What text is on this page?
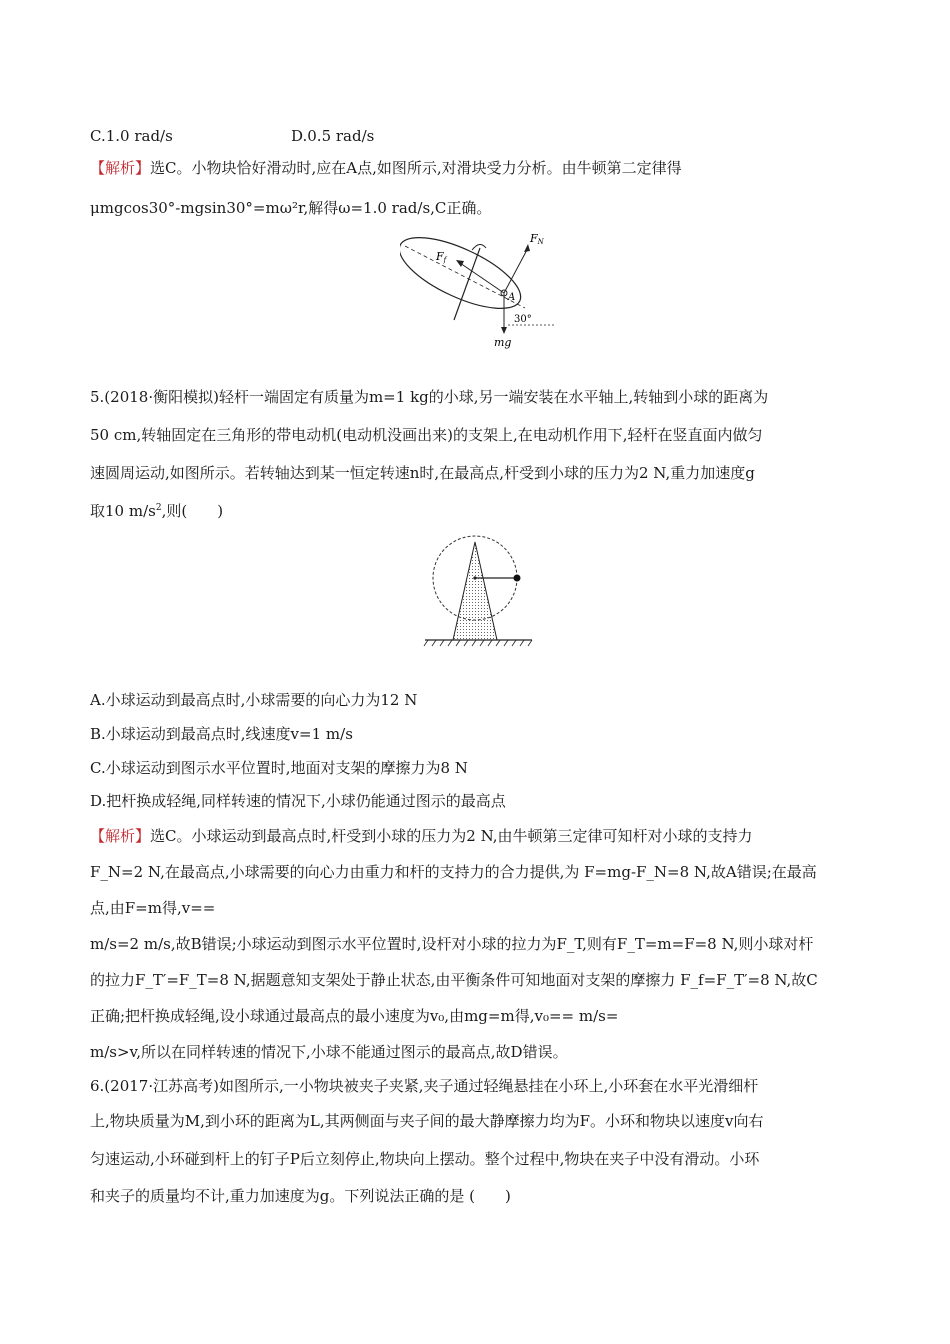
C.1.0 rad/s	D.0.5 rad/s
【解析】选C。小物块恰好滑动时,应在A点,如图所示,对滑块受力分析。由牛顿第二定律得
μmgcos30°-mgsin30°=mω²r,解得ω=1.0 rad/s,C正确。
FN
Ff
A
30°
mg
5.(2018·衡阳模拟)轻杆一端固定有质量为m=1 kg的小球,另一端安装在水平轴上,转轴到小球的距离为
50 cm,转轴固定在三角形的带电动机(电动机没画出来)的支架上,在电动机作用下,轻杆在竖直面内做匀
速圆周运动,如图所示。若转轴达到某一恒定转速n时,在最高点,杆受到小球的压力为2 N,重力加速度g
取10 $m/s^2$,则(　　)
A.小球运动到最高点时,小球需要的向心力为12 N
B.小球运动到最高点时,线速度v=1 m/s
C.小球运动到图示水平位置时,地面对支架的摩擦力为8 N
D.把杆换成轻绳,同样转速的情况下,小球仍能通过图示的最高点
【解析】选C。小球运动到最高点时,杆受到小球的压力为2 N,由牛顿第三定律可知杆对小球的支持力
F_N=2 N,在最高点,小球需要的向心力由重力和杆的支持力的合力提供,为 F=mg-F_N=8 N,故A错误;在最高
点,由F=m得,v==
m/s=2 m/s,故B错误;小球运动到图示水平位置时,设杆对小球的拉力为F_T,则有F_T=m=F=8 N,则小球对杆
的拉力F_T′=F_T=8 N,据题意知支架处于静止状态,由平衡条件可知地面对支架的摩擦力 F_f=F_T′=8 N,故C
正确;把杆换成轻绳,设小球通过最高点的最小速度为v₀,由mg=m得,v₀== m/s=
m/s>v,所以在同样转速的情况下,小球不能通过图示的最高点,故D错误。
6.(2017·江苏高考)如图所示,一小物块被夹子夹紧,夹子通过轻绳悬挂在小环上,小环套在水平光滑细杆
上,物块质量为M,到小环的距离为L,其两侧面与夹子间的最大静摩擦力均为F。小环和物块以速度v向右
匀速运动,小环碰到杆上的钉子P后立刻停止,物块向上摆动。整个过程中,物块在夹子中没有滑动。小环
和夹子的质量均不计,重力加速度为g。下列说法正确的是 (　　)
